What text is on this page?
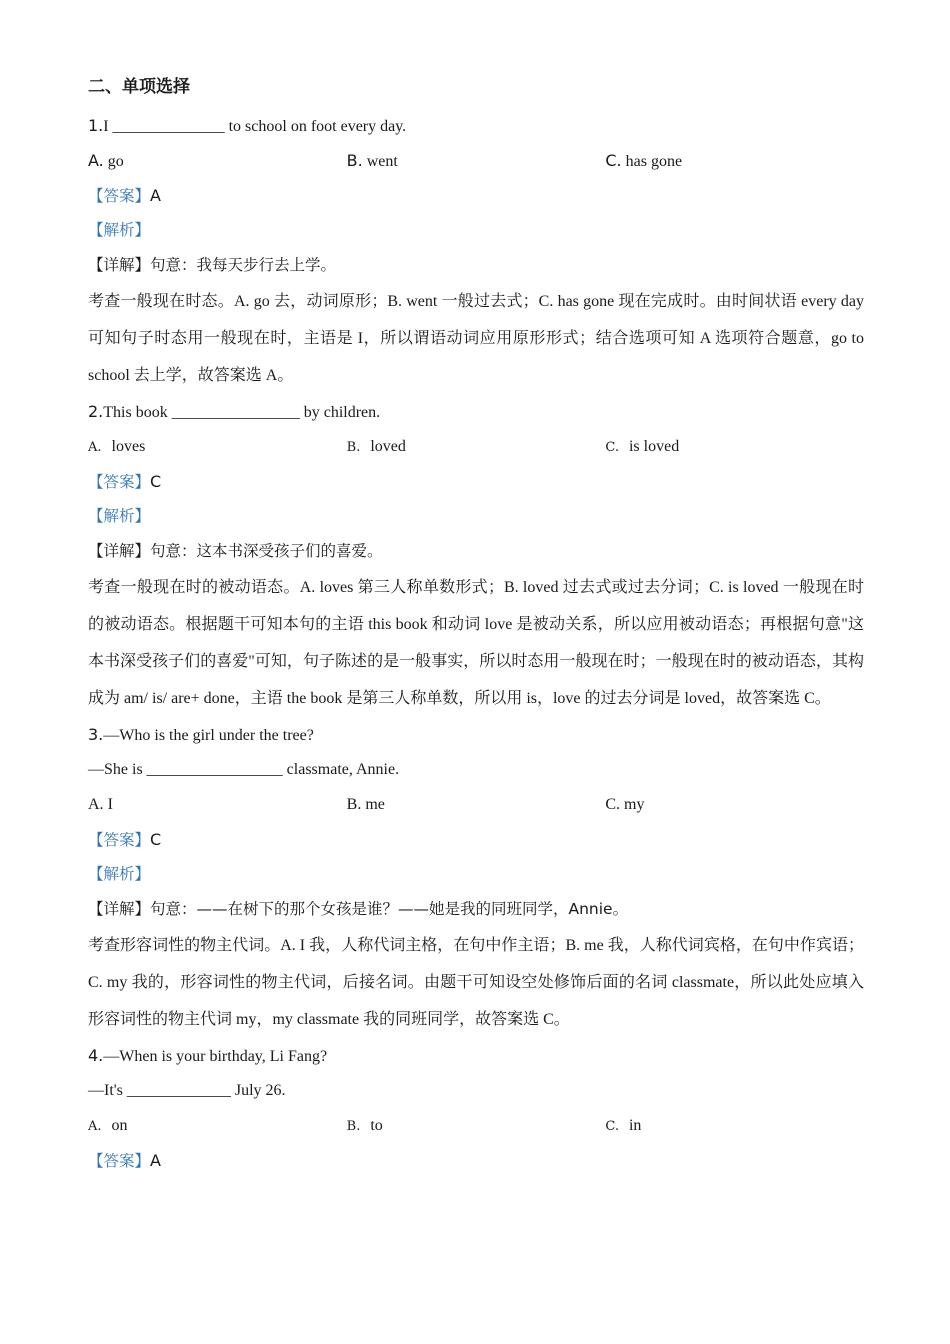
二、单项选择
1.I ______________ to school on foot every day.
A. go	B. went	C. has gone
【答案】A
【解析】
【详解】句意：我每天步行去上学。
考查一般现在时态。A. go 去，动词原形；B. went 一般过去式；C. has gone 现在完成时。由时间状语 every day 可知句子时态用一般现在时，主语是 I，所以谓语动词应用原形形式；结合选项可知 A 选项符合题意，go to school 去上学，故答案选 A。
2.This book ________________ by children.
A. loves	B. loved	C. is loved
【答案】C
【解析】
【详解】句意：这本书深受孩子们的喜爱。
考查一般现在时的被动语态。A. loves 第三人称单数形式；B. loved 过去式或过去分词；C. is loved 一般现在时的被动语态。根据题干可知本句的主语 this book 和动词 love 是被动关系，所以应用被动语态；再根据句意"这本书深受孩子们的喜爱"可知，句子陈述的是一般事实，所以时态用一般现在时；一般现在时的被动语态，其构成为 am/ is/ are+ done，主语 the book 是第三人称单数，所以用 is，love 的过去分词是 loved，故答案选 C。
3.—Who is the girl under the tree?
—She is _________________ classmate, Annie.
A. I	B. me	C. my
【答案】C
【解析】
【详解】句意：——在树下的那个女孩是谁？——她是我的同班同学，Annie。
考查形容词性的物主代词。A. I 我，人称代词主格，在句中作主语；B. me 我，人称代词宾格，在句中作宾语；C. my 我的，形容词性的物主代词，后接名词。由题干可知设空处修饰后面的名词 classmate，所以此处应填入形容词性的物主代词 my，my classmate 我的同班同学，故答案选 C。
4.—When is your birthday, Li Fang?
—It's _____________ July 26.
A. on	B. to	C. in
【答案】A
